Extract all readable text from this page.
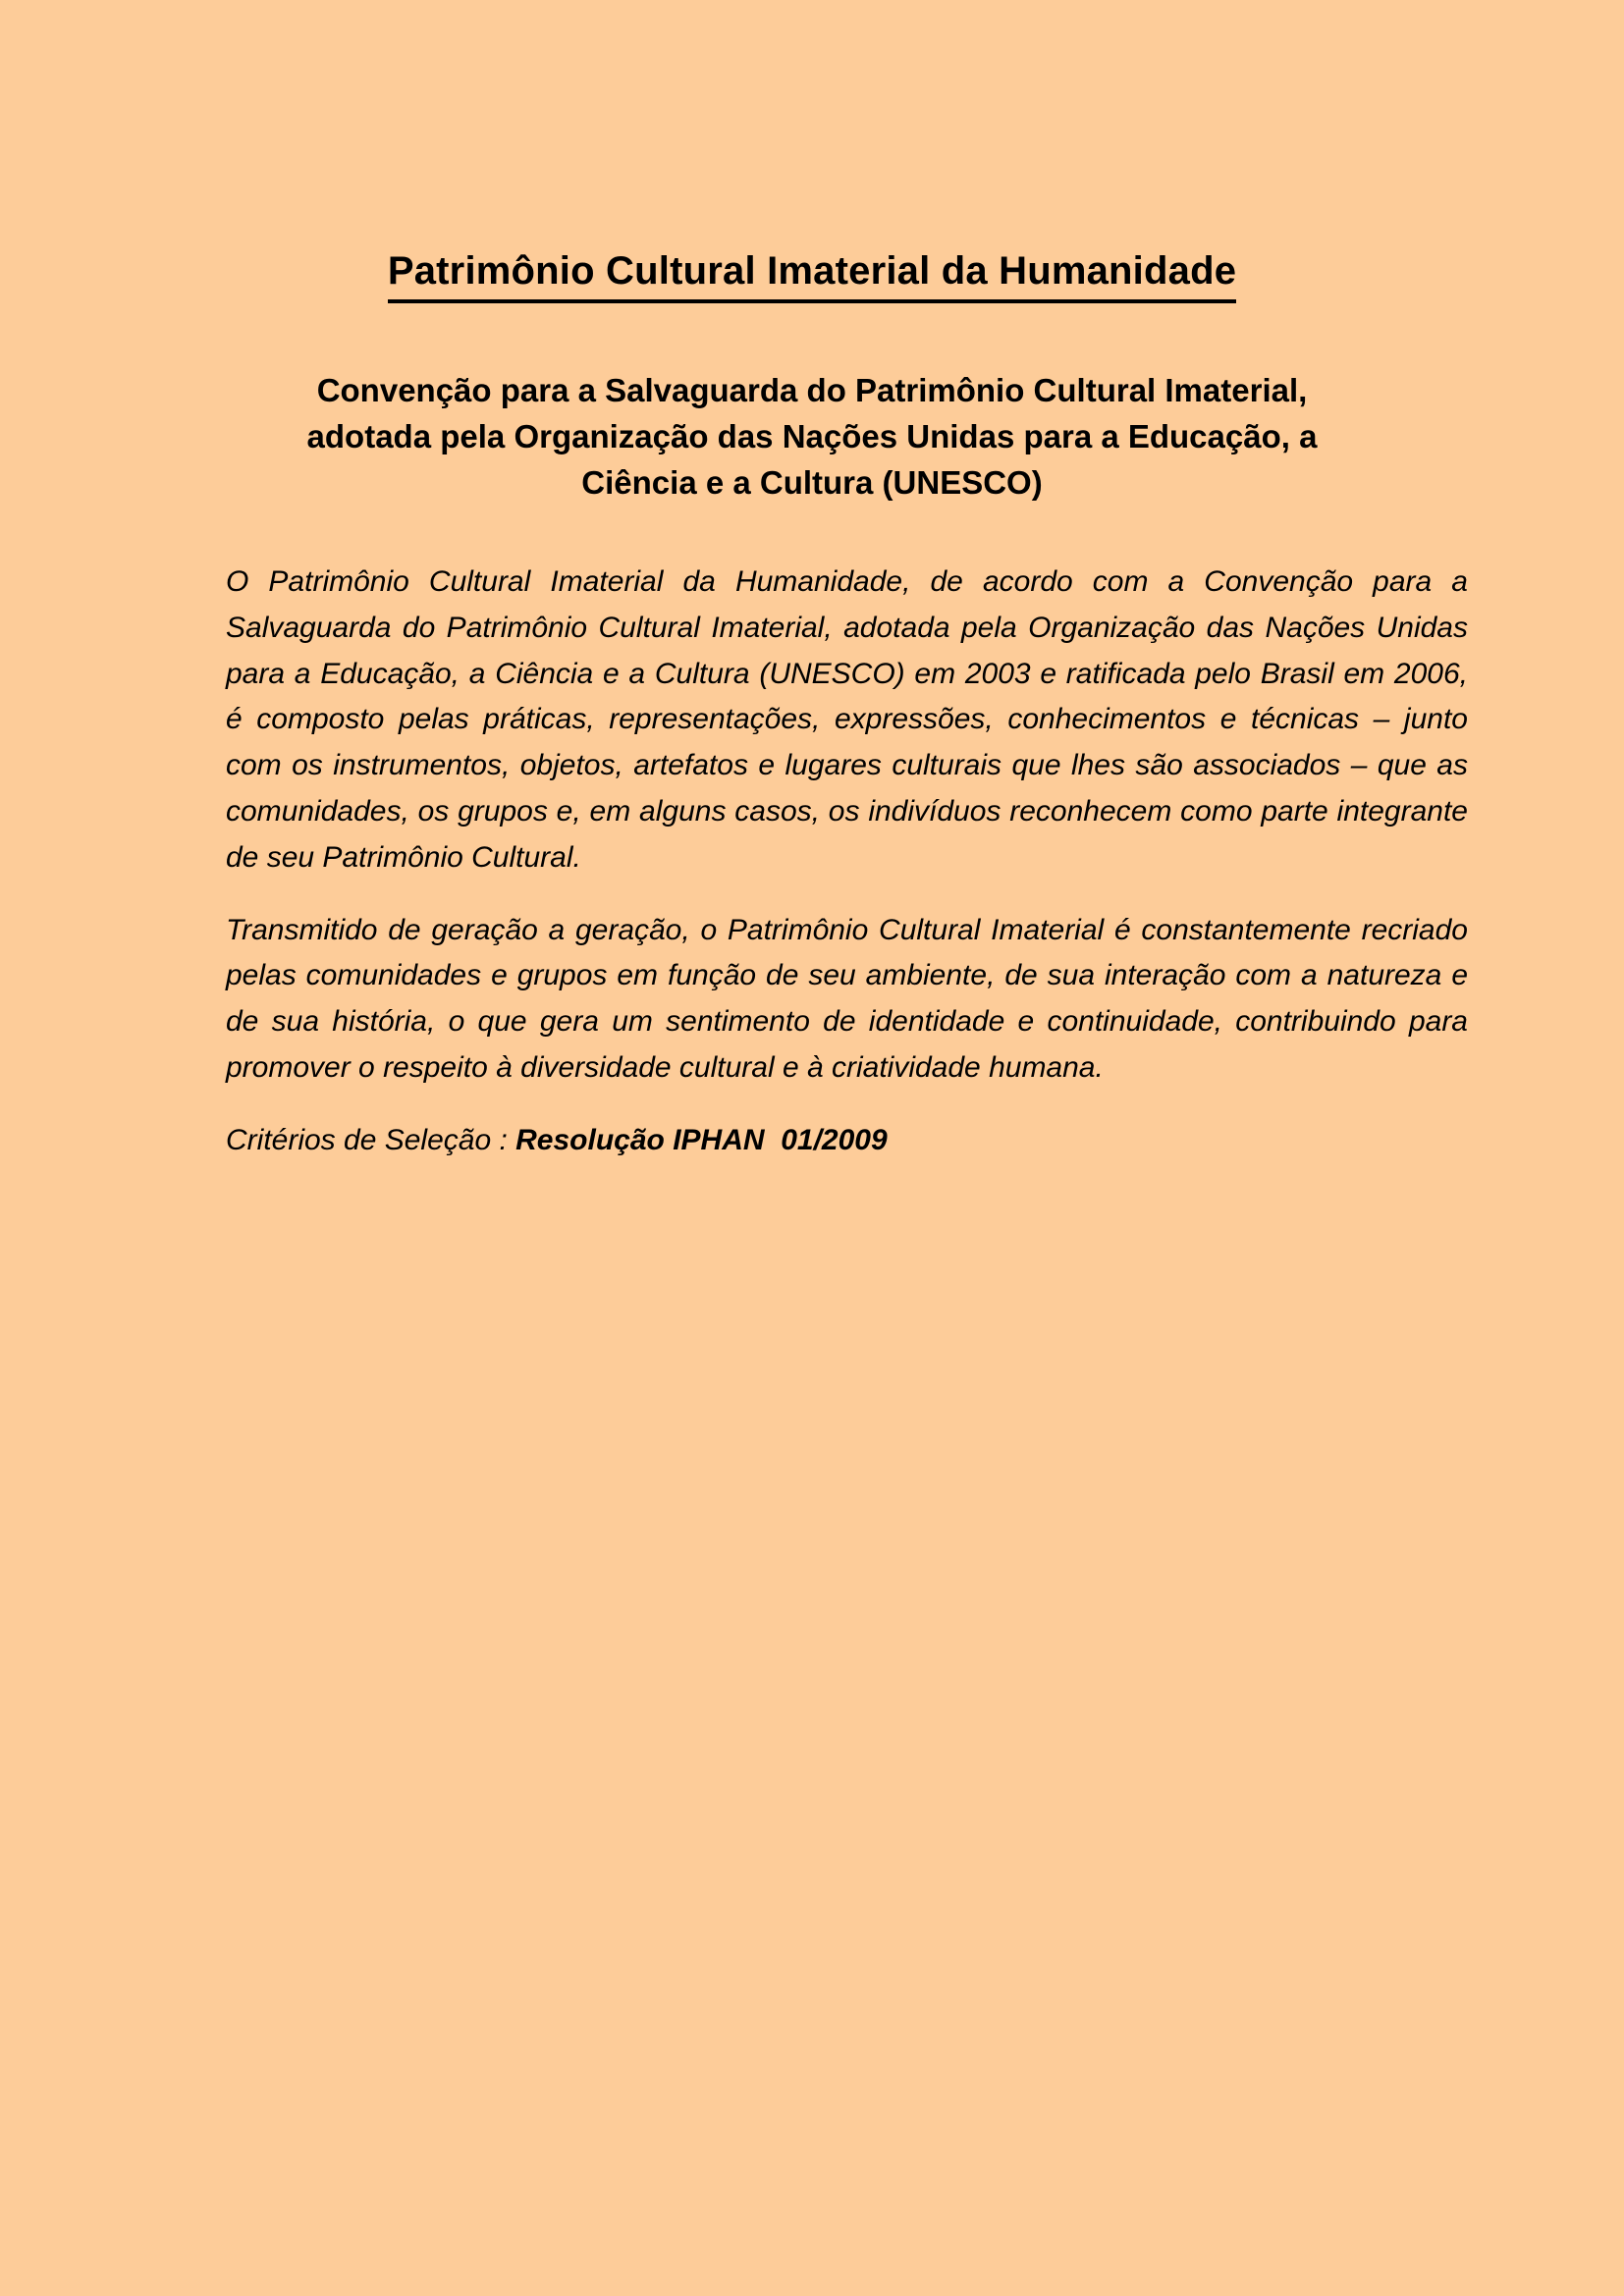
Patrimônio Cultural Imaterial da Humanidade
Convenção para a Salvaguarda do Patrimônio Cultural Imaterial,
adotada pela Organização das Nações Unidas para a Educação, a
Ciência e a Cultura (UNESCO)

O Patrimônio Cultural Imaterial da Humanidade, de acordo com a Convenção para a Salvaguarda do Patrimônio Cultural Imaterial, adotada pela Organização das Nações Unidas para a Educação, a Ciência e a Cultura (UNESCO) em 2003 e ratificada pelo Brasil em 2006, é composto pelas práticas, representações, expressões, conhecimentos e técnicas – junto com os instrumentos, objetos, artefatos e lugares culturais que lhes são associados – que as comunidades, os grupos e, em alguns casos, os indivíduos reconhecem como parte integrante de seu Patrimônio Cultural.

Transmitido de geração a geração, o Patrimônio Cultural Imaterial é constantemente recriado pelas comunidades e grupos em função de seu ambiente, de sua interação com a natureza e de sua história, o que gera um sentimento de identidade e continuidade, contribuindo para promover o respeito à diversidade cultural e à criatividade humana.

Critérios de Seleção : Resolução IPHAN  01/2009
